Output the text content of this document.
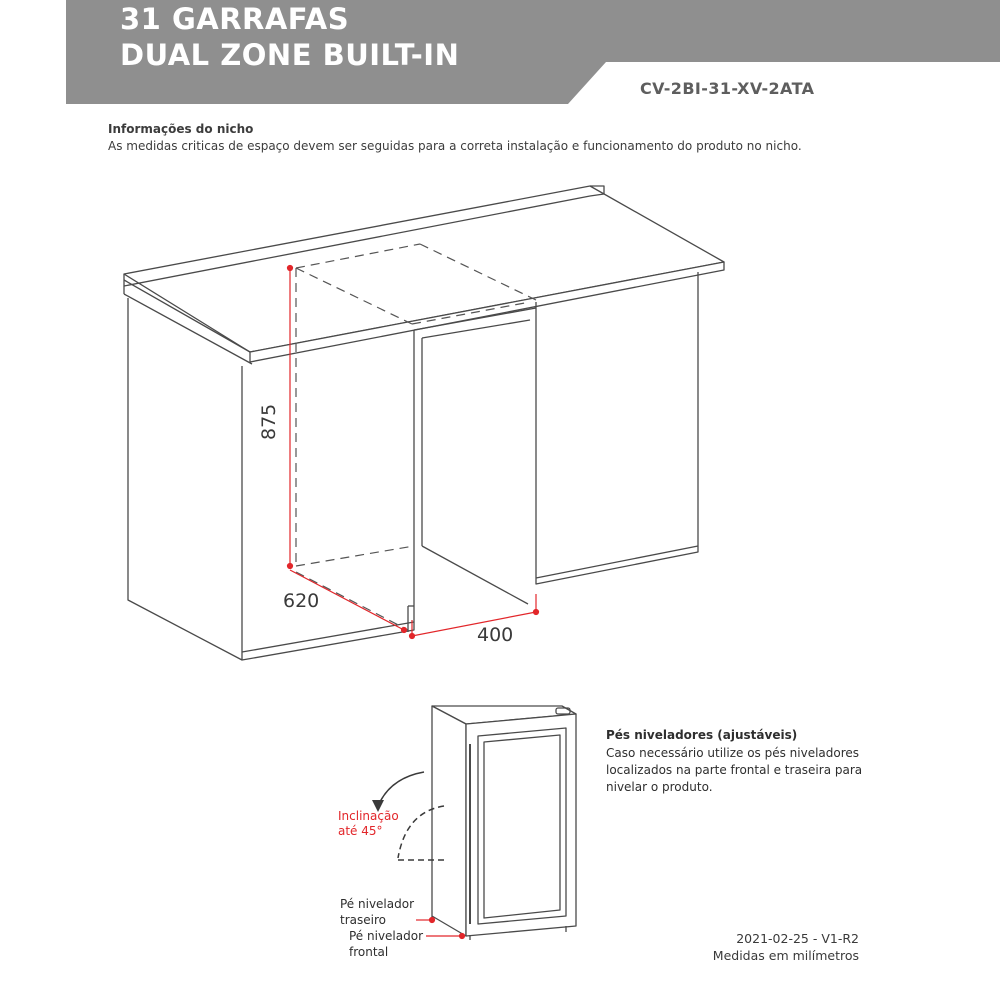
31 GARRAFAS
DUAL ZONE BUILT-IN
CV-2BI-31-XV-2ATA
Informações do nicho
As medidas criticas de espaço devem ser seguidas para a correta instalação e funcionamento do produto no nicho.
875
620
400
Pés niveladores (ajustáveis)
Caso necessário utilize os pés niveladores localizados na parte frontal e traseira para nivelar o produto.
Inclinação até 45°
Pé nivelador traseiro
Pé nivelador frontal
2021-02-25 - V1-R2
Medidas em milímetros
